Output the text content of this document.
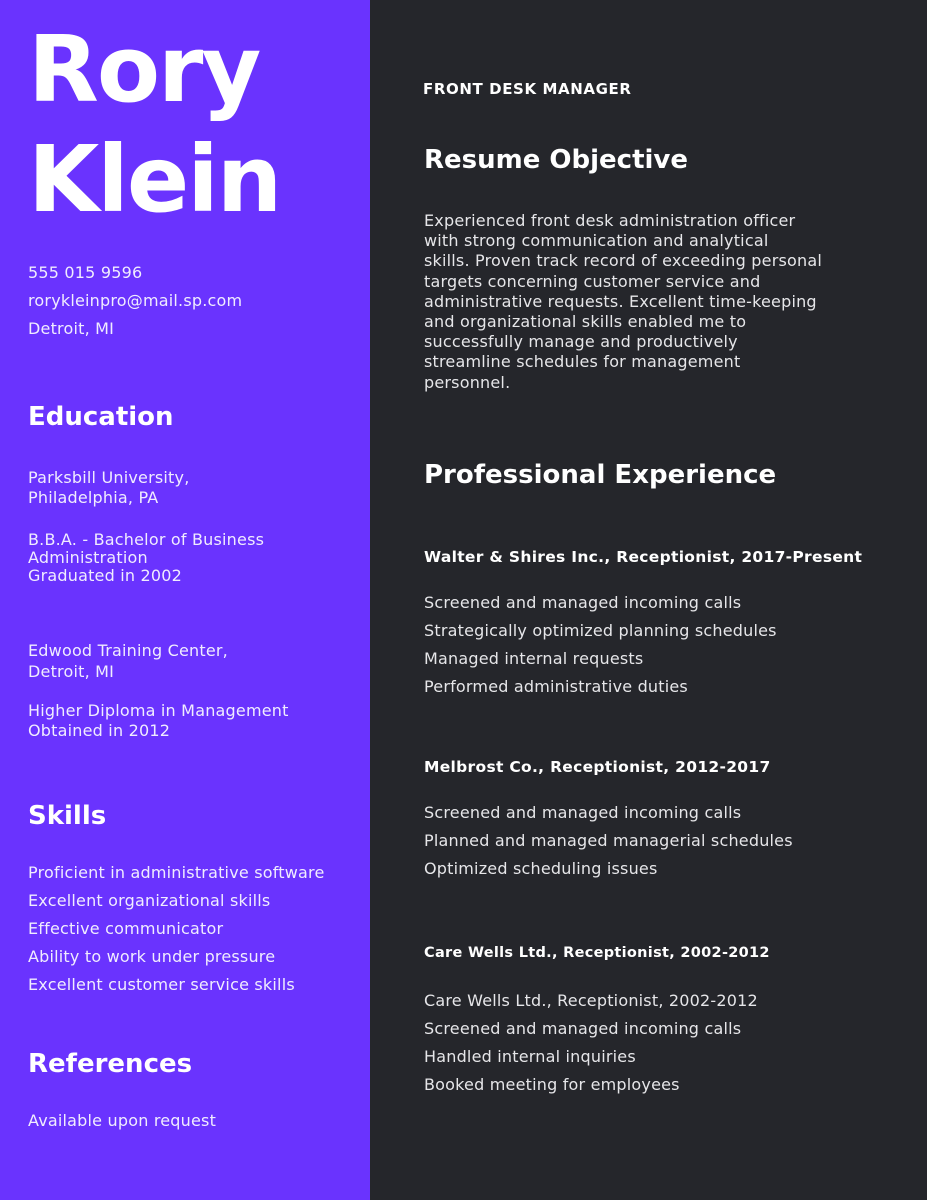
Rory
Klein
555 015 9596
roryk​leinpro@mail.sp.com
Detroit, MI
Education
Parksbill University,
Philadelphia, PA
B.B.A. - Bachelor of Business
Administration
Graduated in 2002
Edwood Training Center,
Detroit, MI
Higher Diploma in Management
Obtained in 2012
Skills
Proficient in administrative software
Excellent organizational skills
Effective communicator
Ability to work under pressure
Excellent customer service skills
References
Available upon request
FRONT DESK MANAGER
Resume Objective
Experienced front desk administration officer
with strong communication and analytical
skills. Proven track record of exceeding personal
targets concerning customer service and
administrative requests. Excellent time-keeping
and organizational skills enabled me to
successfully manage and productively
streamline schedules for management
personnel.
Professional Experience
Walter & Shires Inc., Receptionist, 2017-Present
Screened and managed incoming calls
Strategically optimized planning schedules
Managed internal requests
Performed administrative duties
Melbrost Co., Receptionist, 2012-2017
Screened and managed incoming calls
Planned and managed managerial schedules
Optimized scheduling issues
Care Wells Ltd., Receptionist, 2002-2012
Care Wells Ltd., Receptionist, 2002-2012
Screened and managed incoming calls
Handled internal inquiries
Booked meeting for employees
